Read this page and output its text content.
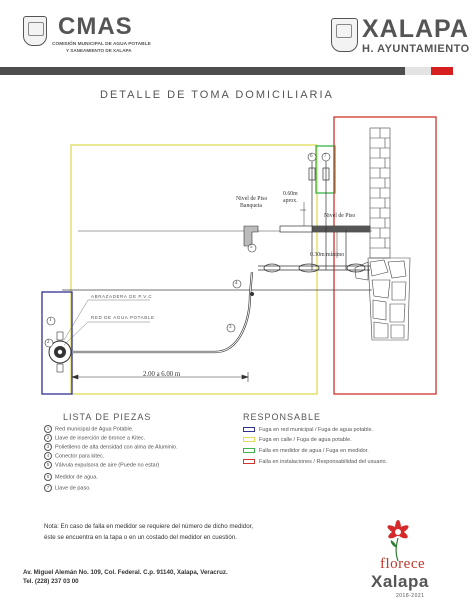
CMAS
COMISIÓN MUNICIPAL DE AGUA POTABLE
Y SANEAMIENTO DE XALAPA
XALAPA
H. AYUNTAMIENTO
DETALLE DE TOMA DOMICILIARIA
1
2
3
4
5
6 7
Nivel de Piso
Banqueta
0.60m
aprox.
Nivel de Piso
0.30m mínimo
ABRAZADERA DE P.V.C
RED DE AGUA POTABLE
2.00 a 6.00 m
LISTA DE PIEZAS
1 Red municipal de Agua Potable.
2 Llave de inserción de bronce a Kitec.
3 Polietileno de alta densidad con alma de Aluminio.
4 Conector para kitec.
5 Válvula expulsora de aire (Puede no estar)
6 Medidor de agua.
7 Llave de paso.
RESPONSABLE
Fuga en red municipal / Fuga de agua potable.
Fuga en calle / Fuga de agua potable.
Falla en medidor de agua / Fuga en medidor.
Falla en instalaciones / Responsabilidad del usuario.
Nota: En caso de falla en medidor se requiere del número de dicho medidor, éste se encuentra en la tapa o en un costado del medidor en cuestión.
Av. Miguel Alemán No. 109, Col. Federal. C.p. 91140, Xalapa, Veracruz.
Tel. (228) 237 03 00
florece
Xalapa
2018-2021
